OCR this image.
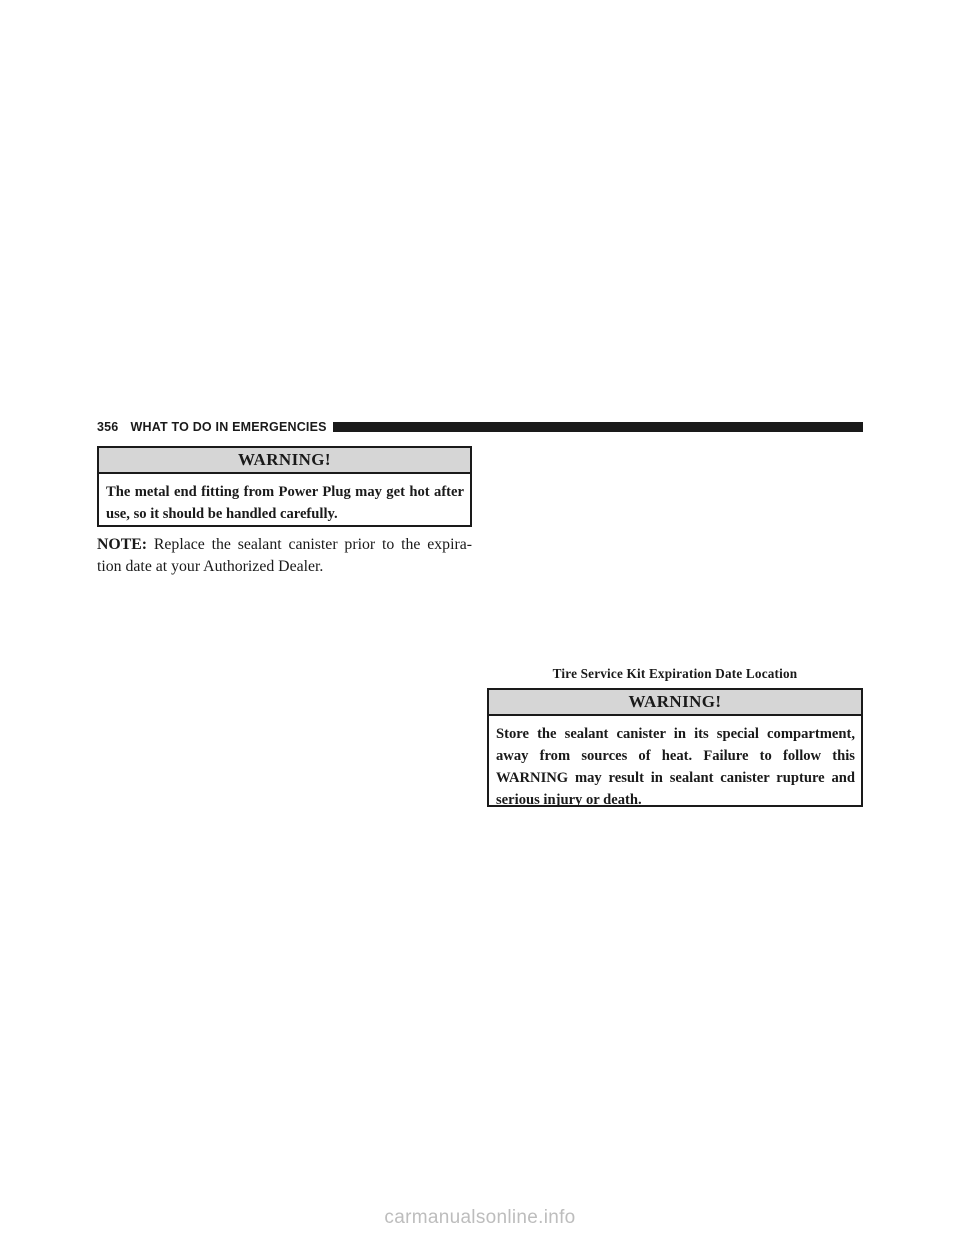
356 WHAT TO DO IN EMERGENCIES
WARNING!
The metal end fitting from Power Plug may get hot after use, so it should be handled carefully.

NOTE: Replace the sealant canister prior to the expira-tion date at your Authorized Dealer.

Tire Service Kit Expiration Date Location
WARNING!
Store the sealant canister in its special compartment, away from sources of heat. Failure to follow this WARNING may result in sealant canister rupture and serious injury or death.
carmanualsonline.info
